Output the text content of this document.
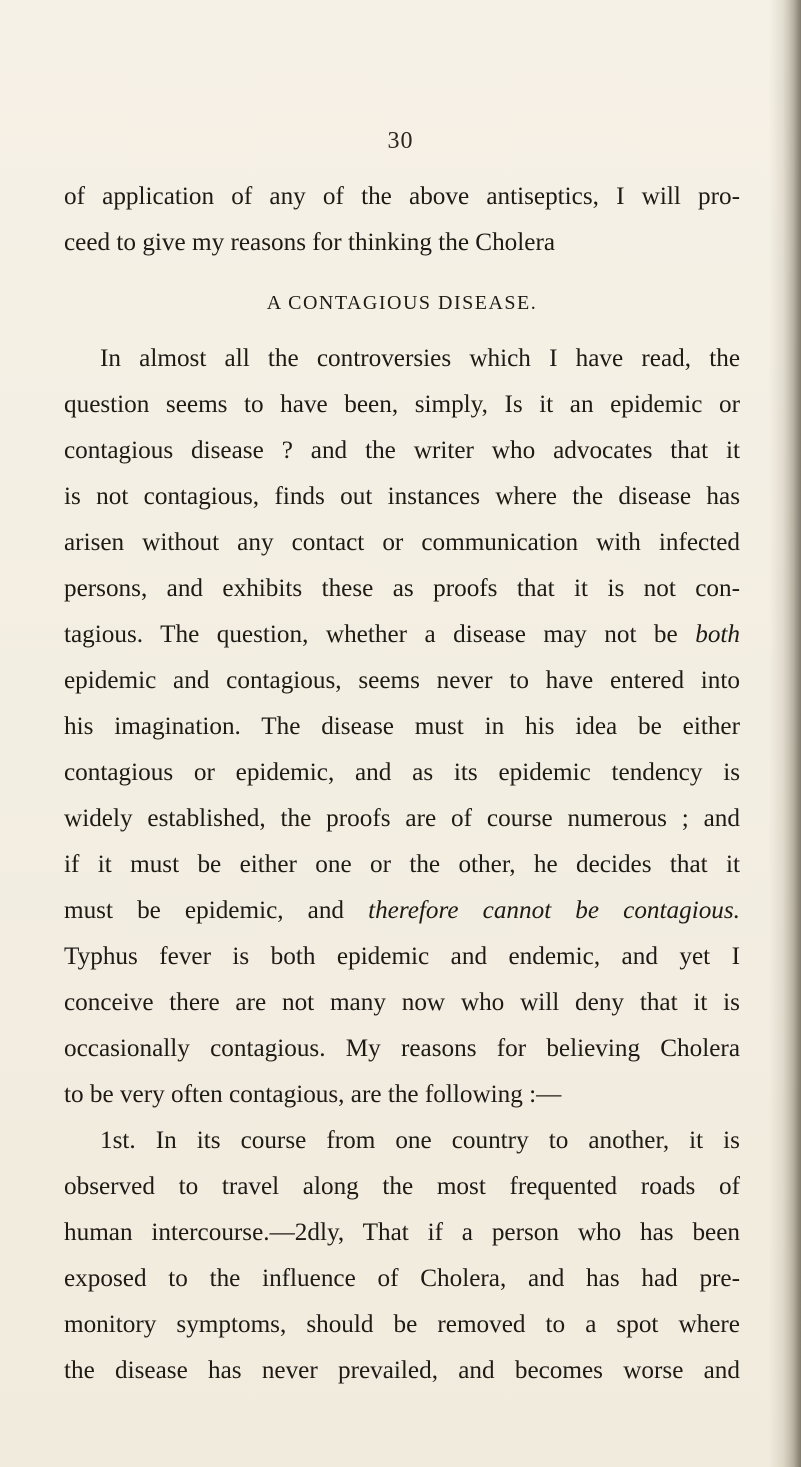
30
of application of any of the above antiseptics, I will pro-
ceed to give my reasons for thinking the Cholera
A CONTAGIOUS DISEASE.
In almost all the controversies which I have read, the
question seems to have been, simply, Is it an epidemic or
contagious disease ? and the writer who advocates that it
is not contagious, finds out instances where the disease has
arisen without any contact or communication with infected
persons, and exhibits these as proofs that it is not con-
tagious. The question, whether a disease may not be both
epidemic and contagious, seems never to have entered into
his imagination. The disease must in his idea be either
contagious or epidemic, and as its epidemic tendency is
widely established, the proofs are of course numerous ; and
if it must be either one or the other, he decides that it
must be epidemic, and therefore cannot be contagious.
Typhus fever is both epidemic and endemic, and yet I
conceive there are not many now who will deny that it is
occasionally contagious. My reasons for believing Cholera
to be very often contagious, are the following :—
1st. In its course from one country to another, it is
observed to travel along the most frequented roads of
human intercourse.—2dly, That if a person who has been
exposed to the influence of Cholera, and has had pre-
monitory symptoms, should be removed to a spot where
the disease has never prevailed, and becomes worse and
